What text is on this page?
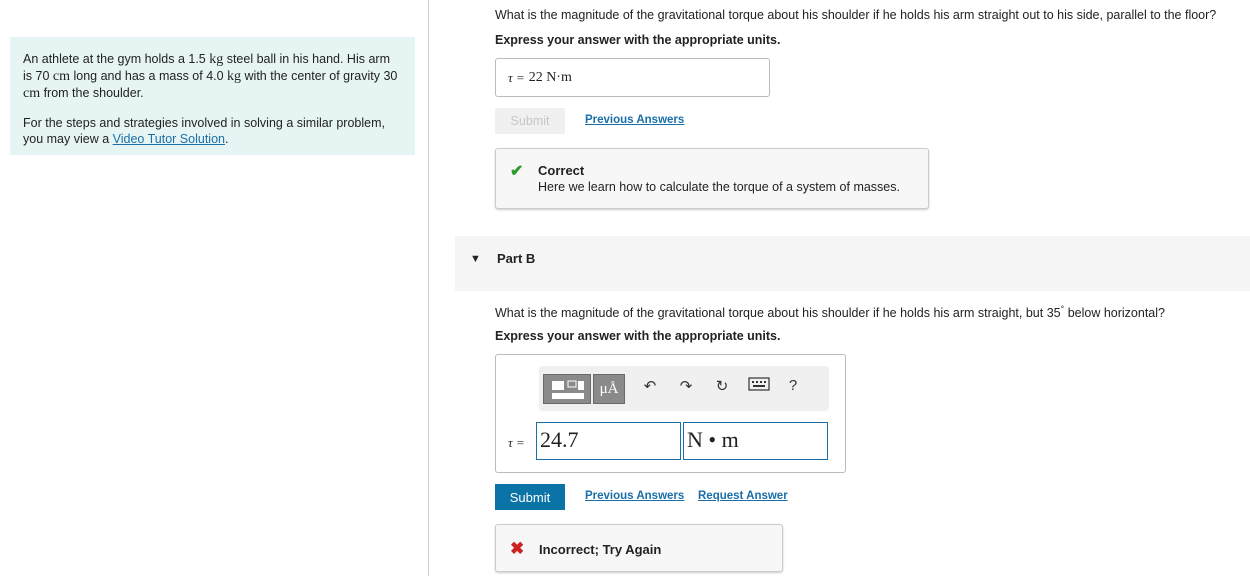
An athlete at the gym holds a 1.5 kg steel ball in his hand. His arm is 70 cm long and has a mass of 4.0 kg with the center of gravity 30 cm from the shoulder.

For the steps and strategies involved in solving a similar problem, you may view a Video Tutor Solution.

What is the magnitude of the gravitational torque about his shoulder if he holds his arm straight out to his side, parallel to the floor?
Express your answer with the appropriate units.
τ = 22 N·m
Submit	Previous Answers
✔ Correct
Here we learn how to calculate the torque of a system of masses.
▼ Part B
What is the magnitude of the gravitational torque about his shoulder if he holds his arm straight, but 35° below horizontal?
Express your answer with the appropriate units.
μÅ	↶ ↷ ↻	?
τ = 24.7	N • m
Submit	Previous Answers Request Answer
✖ Incorrect; Try Again
